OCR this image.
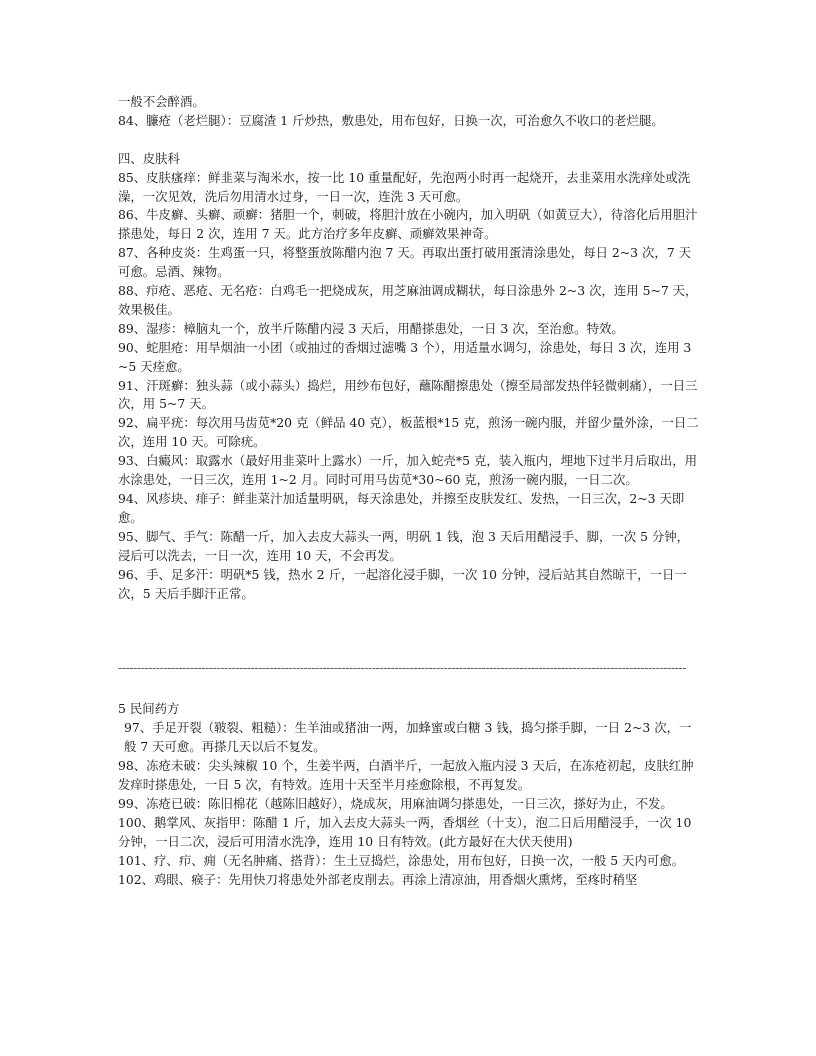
一般不会醉酒。

84、臁疮（老烂腿）：豆腐渣 1 斤炒热，敷患处，用布包好，日换一次，可治愈久不收口的老烂腿。

四、皮肤科

85、皮肤瘙痒：鲜韭菜与淘米水，按一比 10 重量配好，先泡两小时再一起烧开，去韭菜用水洗痒处或洗澡，一次见效，洗后勿用清水过身，一日一次，连洗 3 天可愈。

86、牛皮癣、头癣、顽癣：猪胆一个，刺破，将胆汁放在小碗内，加入明矾（如黄豆大），待溶化后用胆汁搽患处，每日 2 次，连用 7 天。此方治疗多年皮癣、顽癣效果神奇。

87、各种皮炎：生鸡蛋一只，将整蛋放陈醋内泡 7 天。再取出蛋打破用蛋清涂患处，每日 2~3 次，7 天可愈。忌酒、辣物。

88、疖疮、恶疮、无名疮：白鸡毛一把烧成灰，用芝麻油调成糊状，每日涂患外 2~3 次，连用 5~7 天，效果极佳。

89、湿疹：樟脑丸一个，放半斤陈醋内浸 3 天后，用醋搽患处，一日 3 次，至治愈。特效。

90、蛇胆疮：用旱烟油一小团（或抽过的香烟过滤嘴 3 个），用适量水调匀，涂患处，每日 3 次，连用 3~5 天痊愈。

91、汗斑癣：独头蒜（或小蒜头）捣烂，用纱布包好，蘸陈醋擦患处（擦至局部发热伴轻微刺痛），一日三次，用 5~7 天。

92、扁平疣：每次用马齿苋*20 克（鲜品 40 克），板蓝根*15 克，煎汤一碗内服，并留少量外涂，一日二次，连用 10 天。可除疣。

93、白癜风：取露水（最好用韭菜叶上露水）一斤，加入蛇壳*5 克，装入瓶内，埋地下过半月后取出，用水涂患处，一日三次，连用 1~2 月。同时可用马齿苋*30~60 克，煎汤一碗内服，一日二次。

94、风疹块、痱子：鲜韭菜汁加适量明矾，每天涂患处，并擦至皮肤发红、发热，一日三次，2~3 天即愈。

95、脚气、手气：陈醋一斤，加入去皮大蒜头一两，明矾 1 钱，泡 3 天后用醋浸手、脚，一次 5 分钟，浸后可以洗去，一日一次，连用 10 天，不会再发。

96、手、足多汗：明矾*5 钱，热水 2 斤，一起溶化浸手脚，一次 10 分钟，浸后站其自然晾干，一日一次，5 天后手脚汗正常。

------------------------------------------------------------------------------------------------------------------------------------------------------

5 民间药方

97、手足开裂（皲裂、粗糙）：生羊油或猪油一两，加蜂蜜或白糖 3 钱，捣匀搽手脚，一日 2~3 次，一般 7 天可愈。再搽几天以后不复发。

98、冻疮未破：尖头辣椒 10 个，生姜半两，白酒半斤，一起放入瓶内浸 3 天后，在冻疮初起，皮肤红肿发痒时搽患处，一日 5 次，有特效。连用十天至半月痊愈除根，不再复发。

99、冻疮已破：陈旧棉花（越陈旧越好），烧成灰，用麻油调匀搽患处，一日三次，搽好为止，不发。

100、鹅掌风、灰指甲：陈醋 1 斤，加入去皮大蒜头一两，香烟丝（十支），泡二日后用醋浸手，一次 10 分钟，一日二次，浸后可用清水洗净，连用 10 日有特效。(此方最好在大伏天使用)

101、疗、疖、痈（无名肿痛、搭背）：生土豆捣烂，涂患处，用布包好，日换一次，一般 5 天内可愈。

102、鸡眼、瘊子：先用快刀将患处外部老皮削去。再涂上清凉油，用香烟火熏烤，至疼时稍坚
